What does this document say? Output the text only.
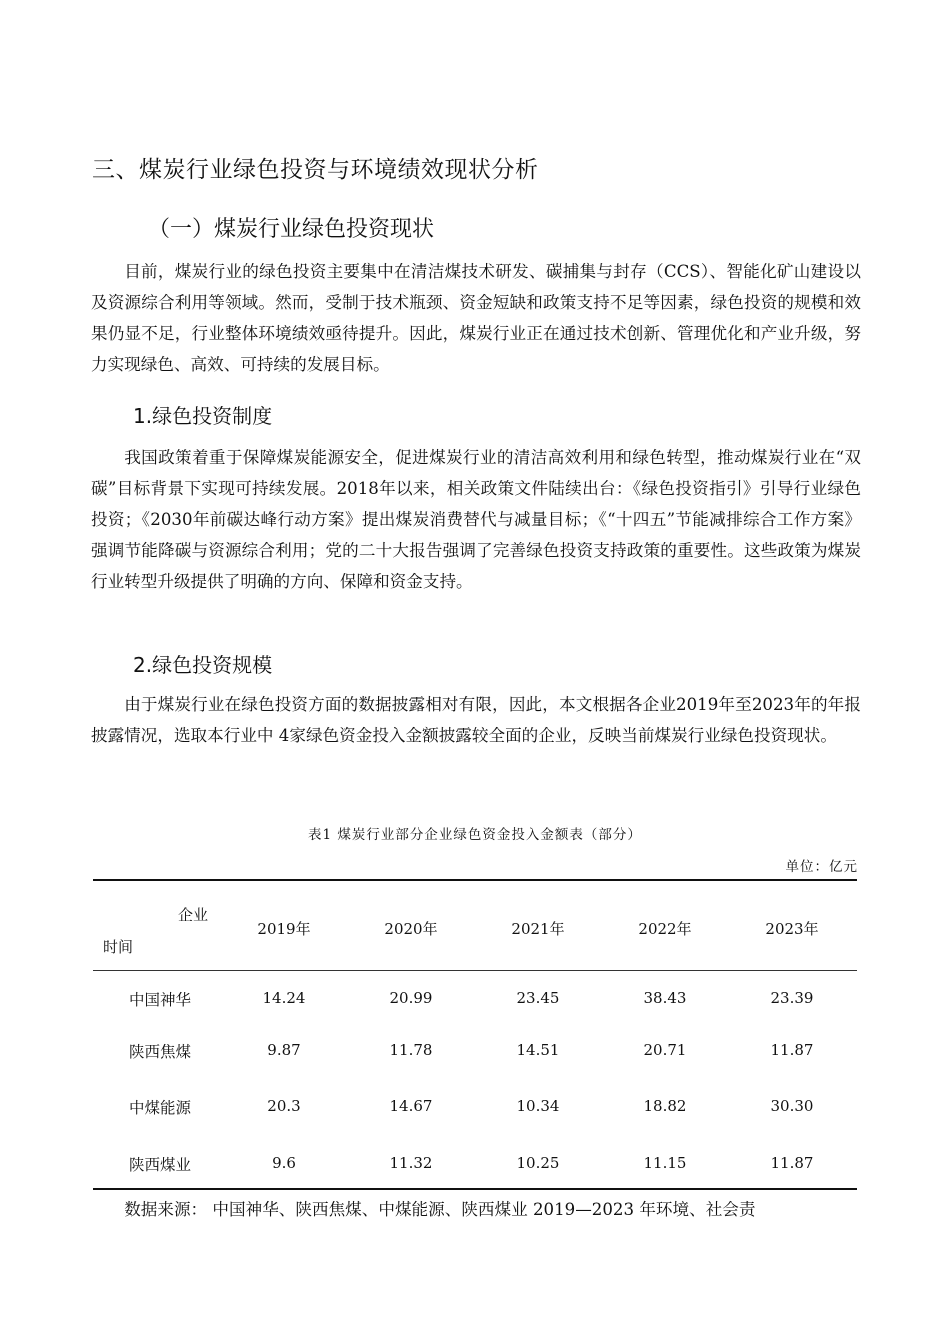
三、煤炭行业绿色投资与环境绩效现状分析
（一）煤炭行业绿色投资现状

目前，煤炭行业的绿色投资主要集中在清洁煤技术研发、碳捕集与封存（CCS）、智能化矿山建设以及资源综合利用等领域。然而，受制于技术瓶颈、资金短缺和政策支持不足等因素，绿色投资的规模和效果仍显不足，行业整体环境绩效亟待提升。因此，煤炭行业正在通过技术创新、管理优化和产业升级，努力实现绿色、高效、可持续的发展目标。

1.绿色投资制度

我国政策着重于保障煤炭能源安全，促进煤炭行业的清洁高效利用和绿色转型，推动煤炭行业在“双碳”目标背景下实现可持续发展。2018年以来，相关政策文件陆续出台：《绿色投资指引》引导行业绿色投资；《2030年前碳达峰行动方案》提出煤炭消费替代与减量目标；《“十四五”节能减排综合工作方案》强调节能降碳与资源综合利用；党的二十大报告强调了完善绿色投资支持政策的重要性。这些政策为煤炭行业转型升级提供了明确的方向、保障和资金支持。

2.绿色投资规模

由于煤炭行业在绿色投资方面的数据披露相对有限，因此，本文根据各企业2019年至2023年的年报披露情况，选取本行业中 4家绿色资金投入金额披露较全面的企业，反映当前煤炭行业绿色投资现状。

表1 煤炭行业部分企业绿色资金投入金额表（部分）
单位：亿元
企业
时间
2019年	2020年	2021年	2022年	2023年
中国神华	14.24	20.99	23.45	38.43	23.39
陕西焦煤	9.87	11.78	14.51	20.71	11.87
中煤能源	20.3	14.67	10.34	18.82	30.30
陕西煤业	9.6	11.32	10.25	11.15	11.87

数据来源： 中国神华、陕西焦煤、中煤能源、陕西煤业 2019—2023 年环境、社会责
